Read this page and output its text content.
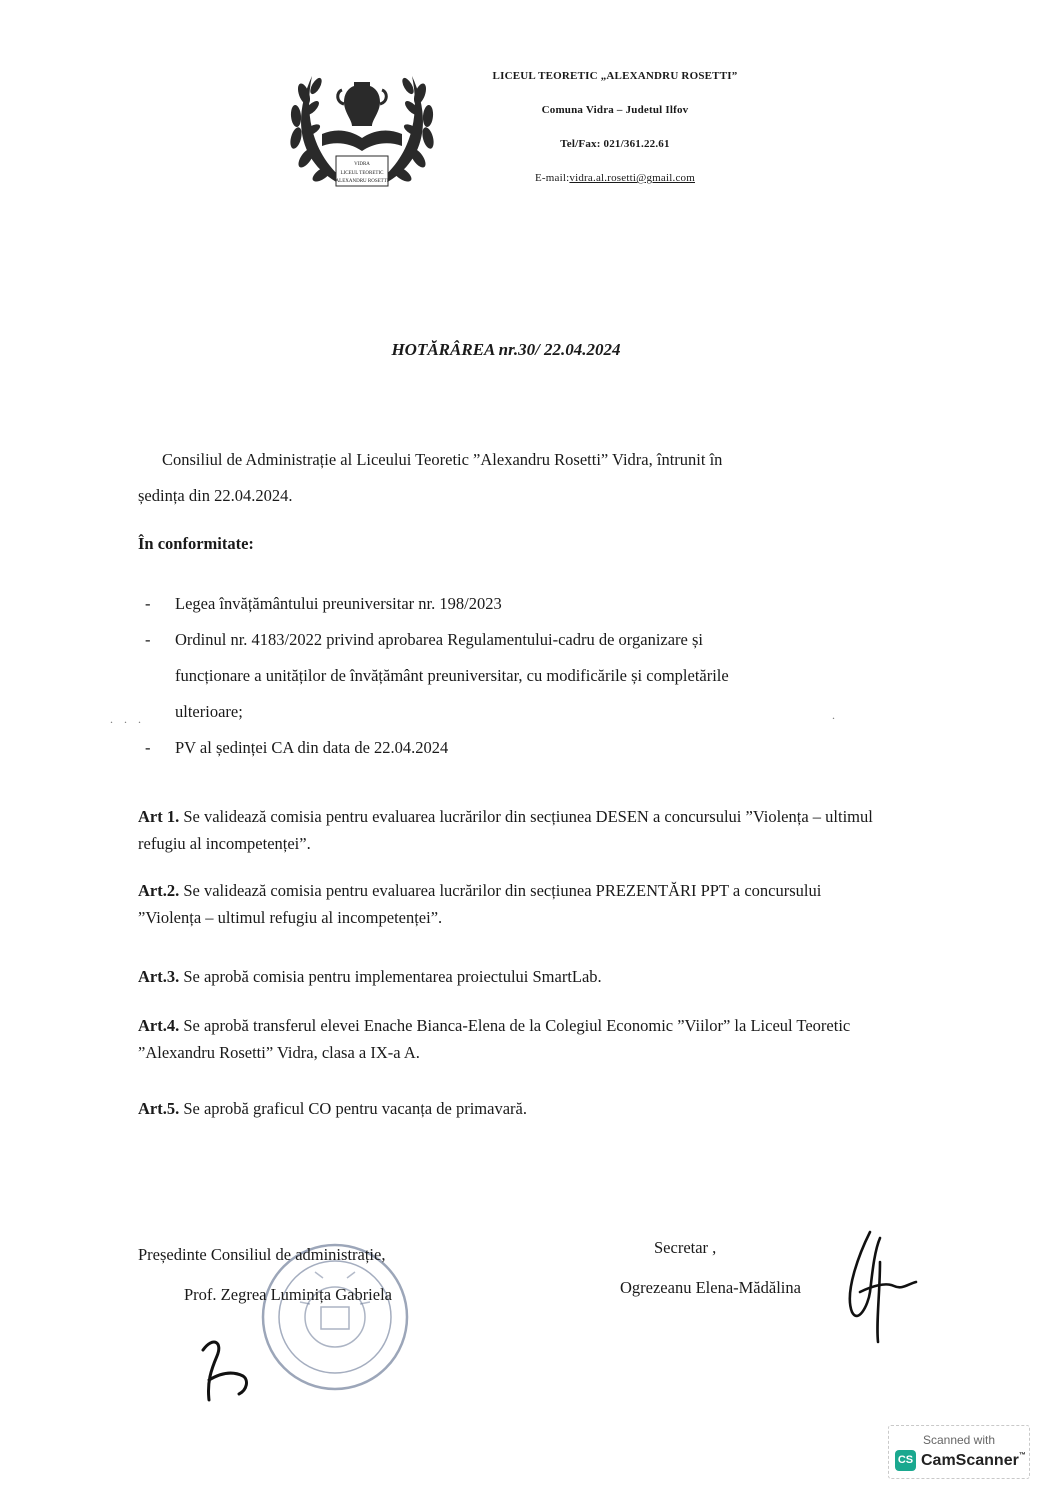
VIDRA
LICEUL TEORETIC
ALEXANDRU ROSETTI
LICEUL TEORETIC „ALEXANDRU ROSETTI”
Comuna Vidra – Judetul Ilfov
Tel/Fax: 021/361.22.61
E-mail:vidra.al.rosetti@gmail.com
HOTĂRÂREA nr.30/ 22.04.2024
Consiliul de Administrație al Liceului Teoretic ”Alexandru Rosetti” Vidra, întrunit în
ședința din 22.04.2024.
În conformitate:
- Legea învățământului preuniversitar nr. 198/2023
- Ordinul nr. 4183/2022 privind aprobarea Regulamentului-cadru de organizare și
funcționare a unităților de învățământ preuniversitar, cu modificările și completările
ulterioare;
- PV al ședinței CA din data de 22.04.2024
. . .	.
Art 1. Se validează comisia pentru evaluarea lucrărilor din secțiunea DESEN a concursului ”Violența – ultimul refugiu al incompetenței”.
Art.2. Se validează comisia pentru evaluarea lucrărilor din secțiunea PREZENTĂRI PPT a concursului ”Violența – ultimul refugiu al incompetenței”.
Art.3. Se aprobă comisia pentru implementarea proiectului SmartLab.
Art.4. Se aprobă transferul elevei Enache Bianca-Elena de la Colegiul Economic ”Viilor” la Liceul Teoretic ”Alexandru Rosetti” Vidra, clasa a IX-a A.
Art.5. Se aprobă graficul CO pentru vacanța de primavară.
Președinte Consiliul de administrație,
Prof. Zegrea Luminița Gabriela
Secretar ,
Ogrezeanu Elena-Mădălina
Scanned with
CS CamScanner™
